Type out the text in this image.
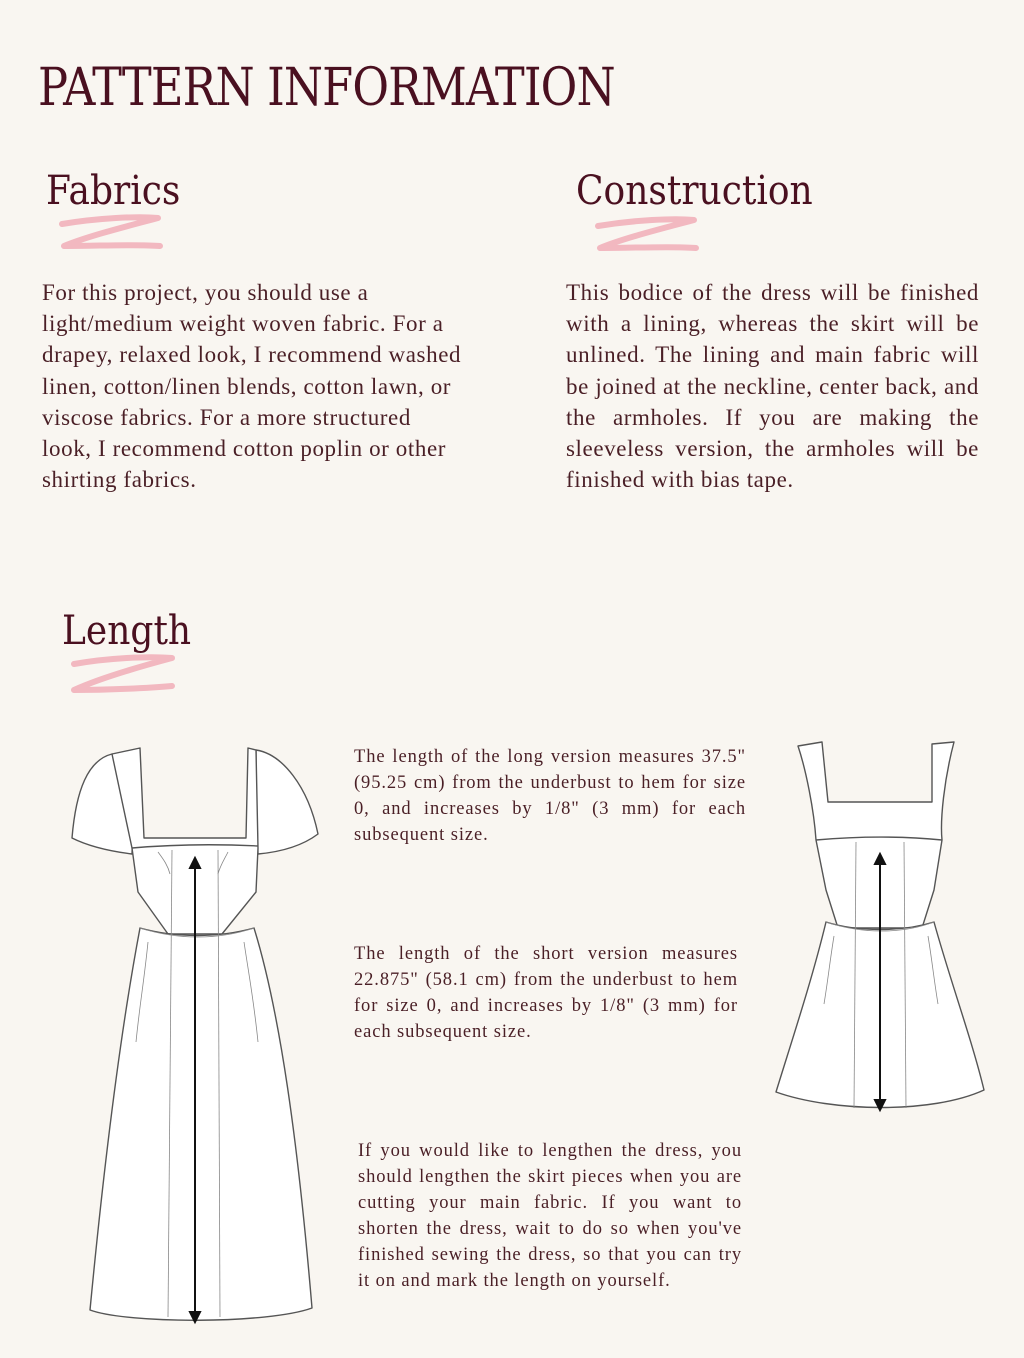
PATTERN INFORMATION
Fabrics

For this project, you should use a light/medium weight woven fabric. For a drapey, relaxed look, I recommend washed linen, cotton/linen blends, cotton lawn, or viscose fabrics. For a more structured look, I recommend cotton poplin or other shirting fabrics.

Construction

This bodice of the dress will be finished with a lining, whereas the skirt will be unlined. The lining and main fabric will be joined at the neckline, center back, and the armholes. If you are making the sleeveless version, the armholes will be finished with bias tape.

Length

The length of the long version measures 37.5" (95.25 cm) from the underbust to hem for size 0, and increases by 1/8" (3 mm) for each subsequent size.

The length of the short version measures 22.875" (58.1 cm) from the underbust to hem for size 0, and increases by 1/8" (3 mm) for each subsequent size.

If you would like to lengthen the dress, you should lengthen the skirt pieces when you are cutting your main fabric. If you want to shorten the dress, wait to do so when you've finished sewing the dress, so that you can try it on and mark the length on yourself.
